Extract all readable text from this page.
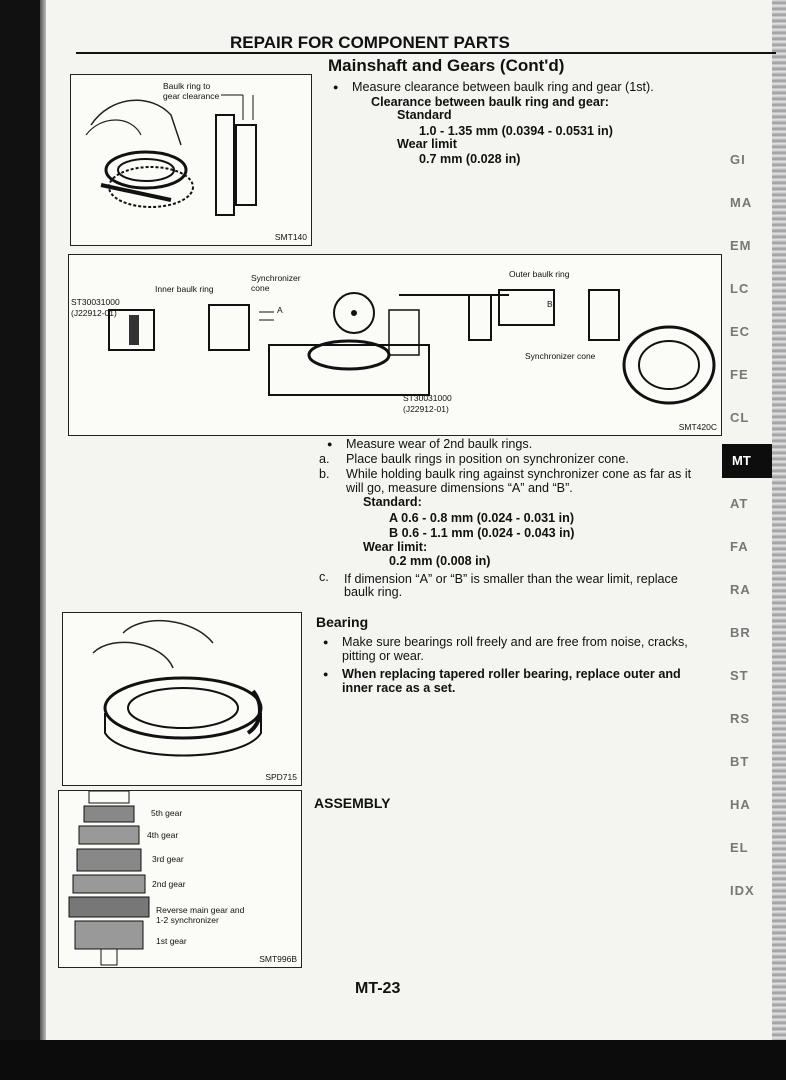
REPAIR FOR COMPONENT PARTS
Mainshaft and Gears (Cont'd)
Baulk ring to
gear clearance
SMT140
● Measure clearance between baulk ring and gear (1st).
Clearance between baulk ring and gear:
Standard
1.0 - 1.35 mm (0.0394 - 0.0531 in)
Wear limit
0.7 mm (0.028 in)
ST30031000
(J22912-01)
Inner baulk ring
Synchronizer
cone
A
Outer baulk ring
B
Synchronizer cone
ST30031000
(J22912-01)
SMT420C
● Measure wear of 2nd baulk rings.
a. Place baulk rings in position on synchronizer cone.
b. While holding baulk ring against synchronizer cone as far as it
will go, measure dimensions “A” and “B”.
Standard:
A 0.6 - 0.8 mm (0.024 - 0.031 in)
B 0.6 - 1.1 mm (0.024 - 0.043 in)
Wear limit:
0.2 mm (0.008 in)
c. If dimension “A” or “B” is smaller than the wear limit, replace
baulk ring.
SPD715
Bearing
● Make sure bearings roll freely and are free from noise, cracks,
pitting or wear.
● When replacing tapered roller bearing, replace outer and
inner race as a set.
5th gear
4th gear
3rd gear
2nd gear
Reverse main gear and
1-2 synchronizer
1st gear
SMT996B
ASSEMBLY
GI
MA
EM
LC
EC
FE
CL
MT
AT
FA
RA
BR
ST
RS
BT
HA
EL
IDX
MT-23
